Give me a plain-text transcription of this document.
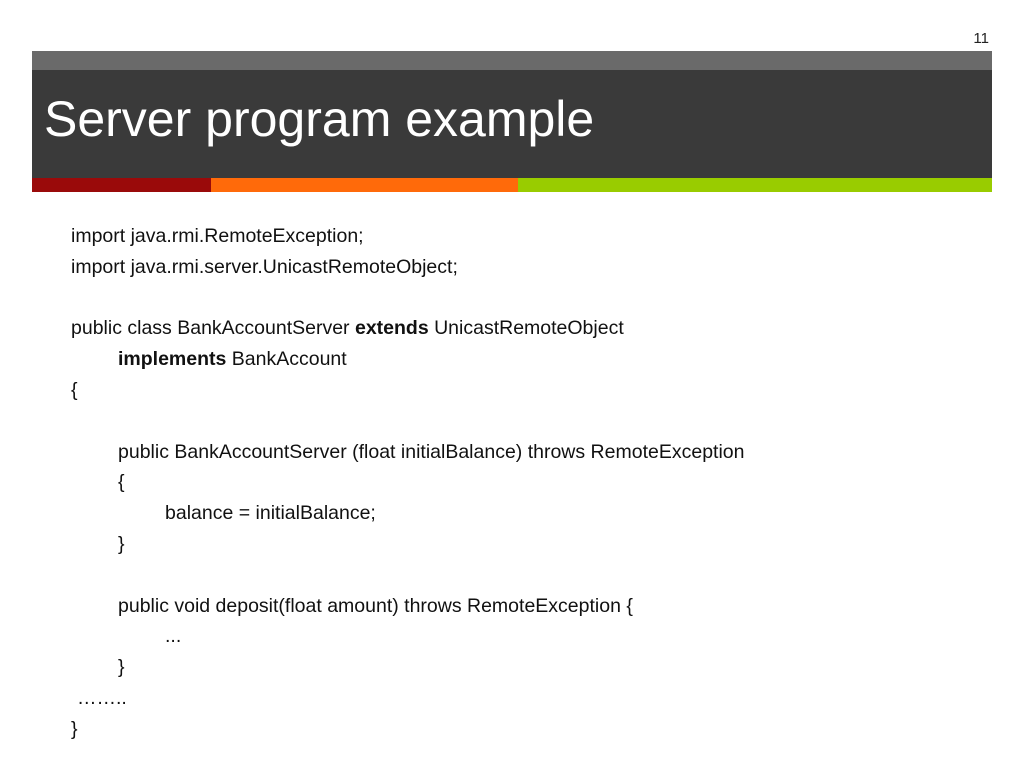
11
Server program example
import java.rmi.RemoteException;
import java.rmi.server.UnicastRemoteObject;
public class BankAccountServer extends UnicastRemoteObject
implements BankAccount
{
public BankAccountServer (float initialBalance) throws RemoteException
{
balance = initialBalance;
}
public void deposit(float amount) throws RemoteException {
...
}
……..
}
